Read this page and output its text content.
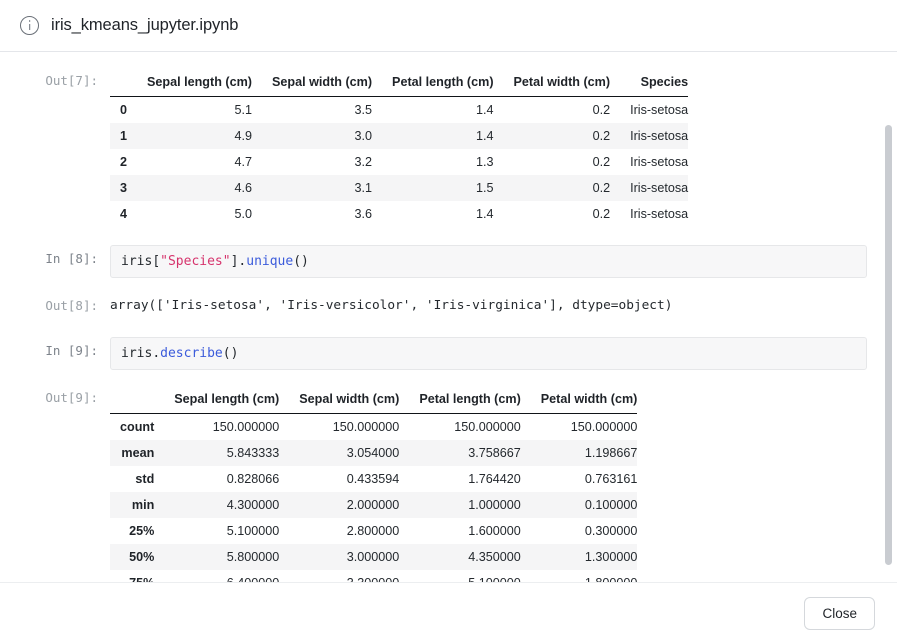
iris_kmeans_jupyter.ipynb
Out[7]:
		Sepal length (cm)	Sepal width (cm)	Petal length (cm)	Petal width (cm)	Species
0	5.1	3.5	1.4	0.2	Iris-setosa
1	4.9	3.0	1.4	0.2	Iris-setosa
2	4.7	3.2	1.3	0.2	Iris-setosa
3	4.6	3.1	1.5	0.2	Iris-setosa
4	5.0	3.6	1.4	0.2	Iris-setosa
In [8]:	iris["Species"].unique()
Out[8]: array(['Iris-setosa', 'Iris-versicolor', 'Iris-virginica'], dtype=object)
In [9]:	iris.describe()
Out[9]:
		Sepal length (cm)	Sepal width (cm)	Petal length (cm)	Petal width (cm)
count	150.000000	150.000000	150.000000	150.000000
mean	5.843333	3.054000	3.758667	1.198667
std	0.828066	0.433594	1.764420	0.763161
min	4.300000	2.000000	1.000000	0.100000
25%	5.100000	2.800000	1.600000	0.300000
50%	5.800000	3.000000	4.350000	1.300000

Close
